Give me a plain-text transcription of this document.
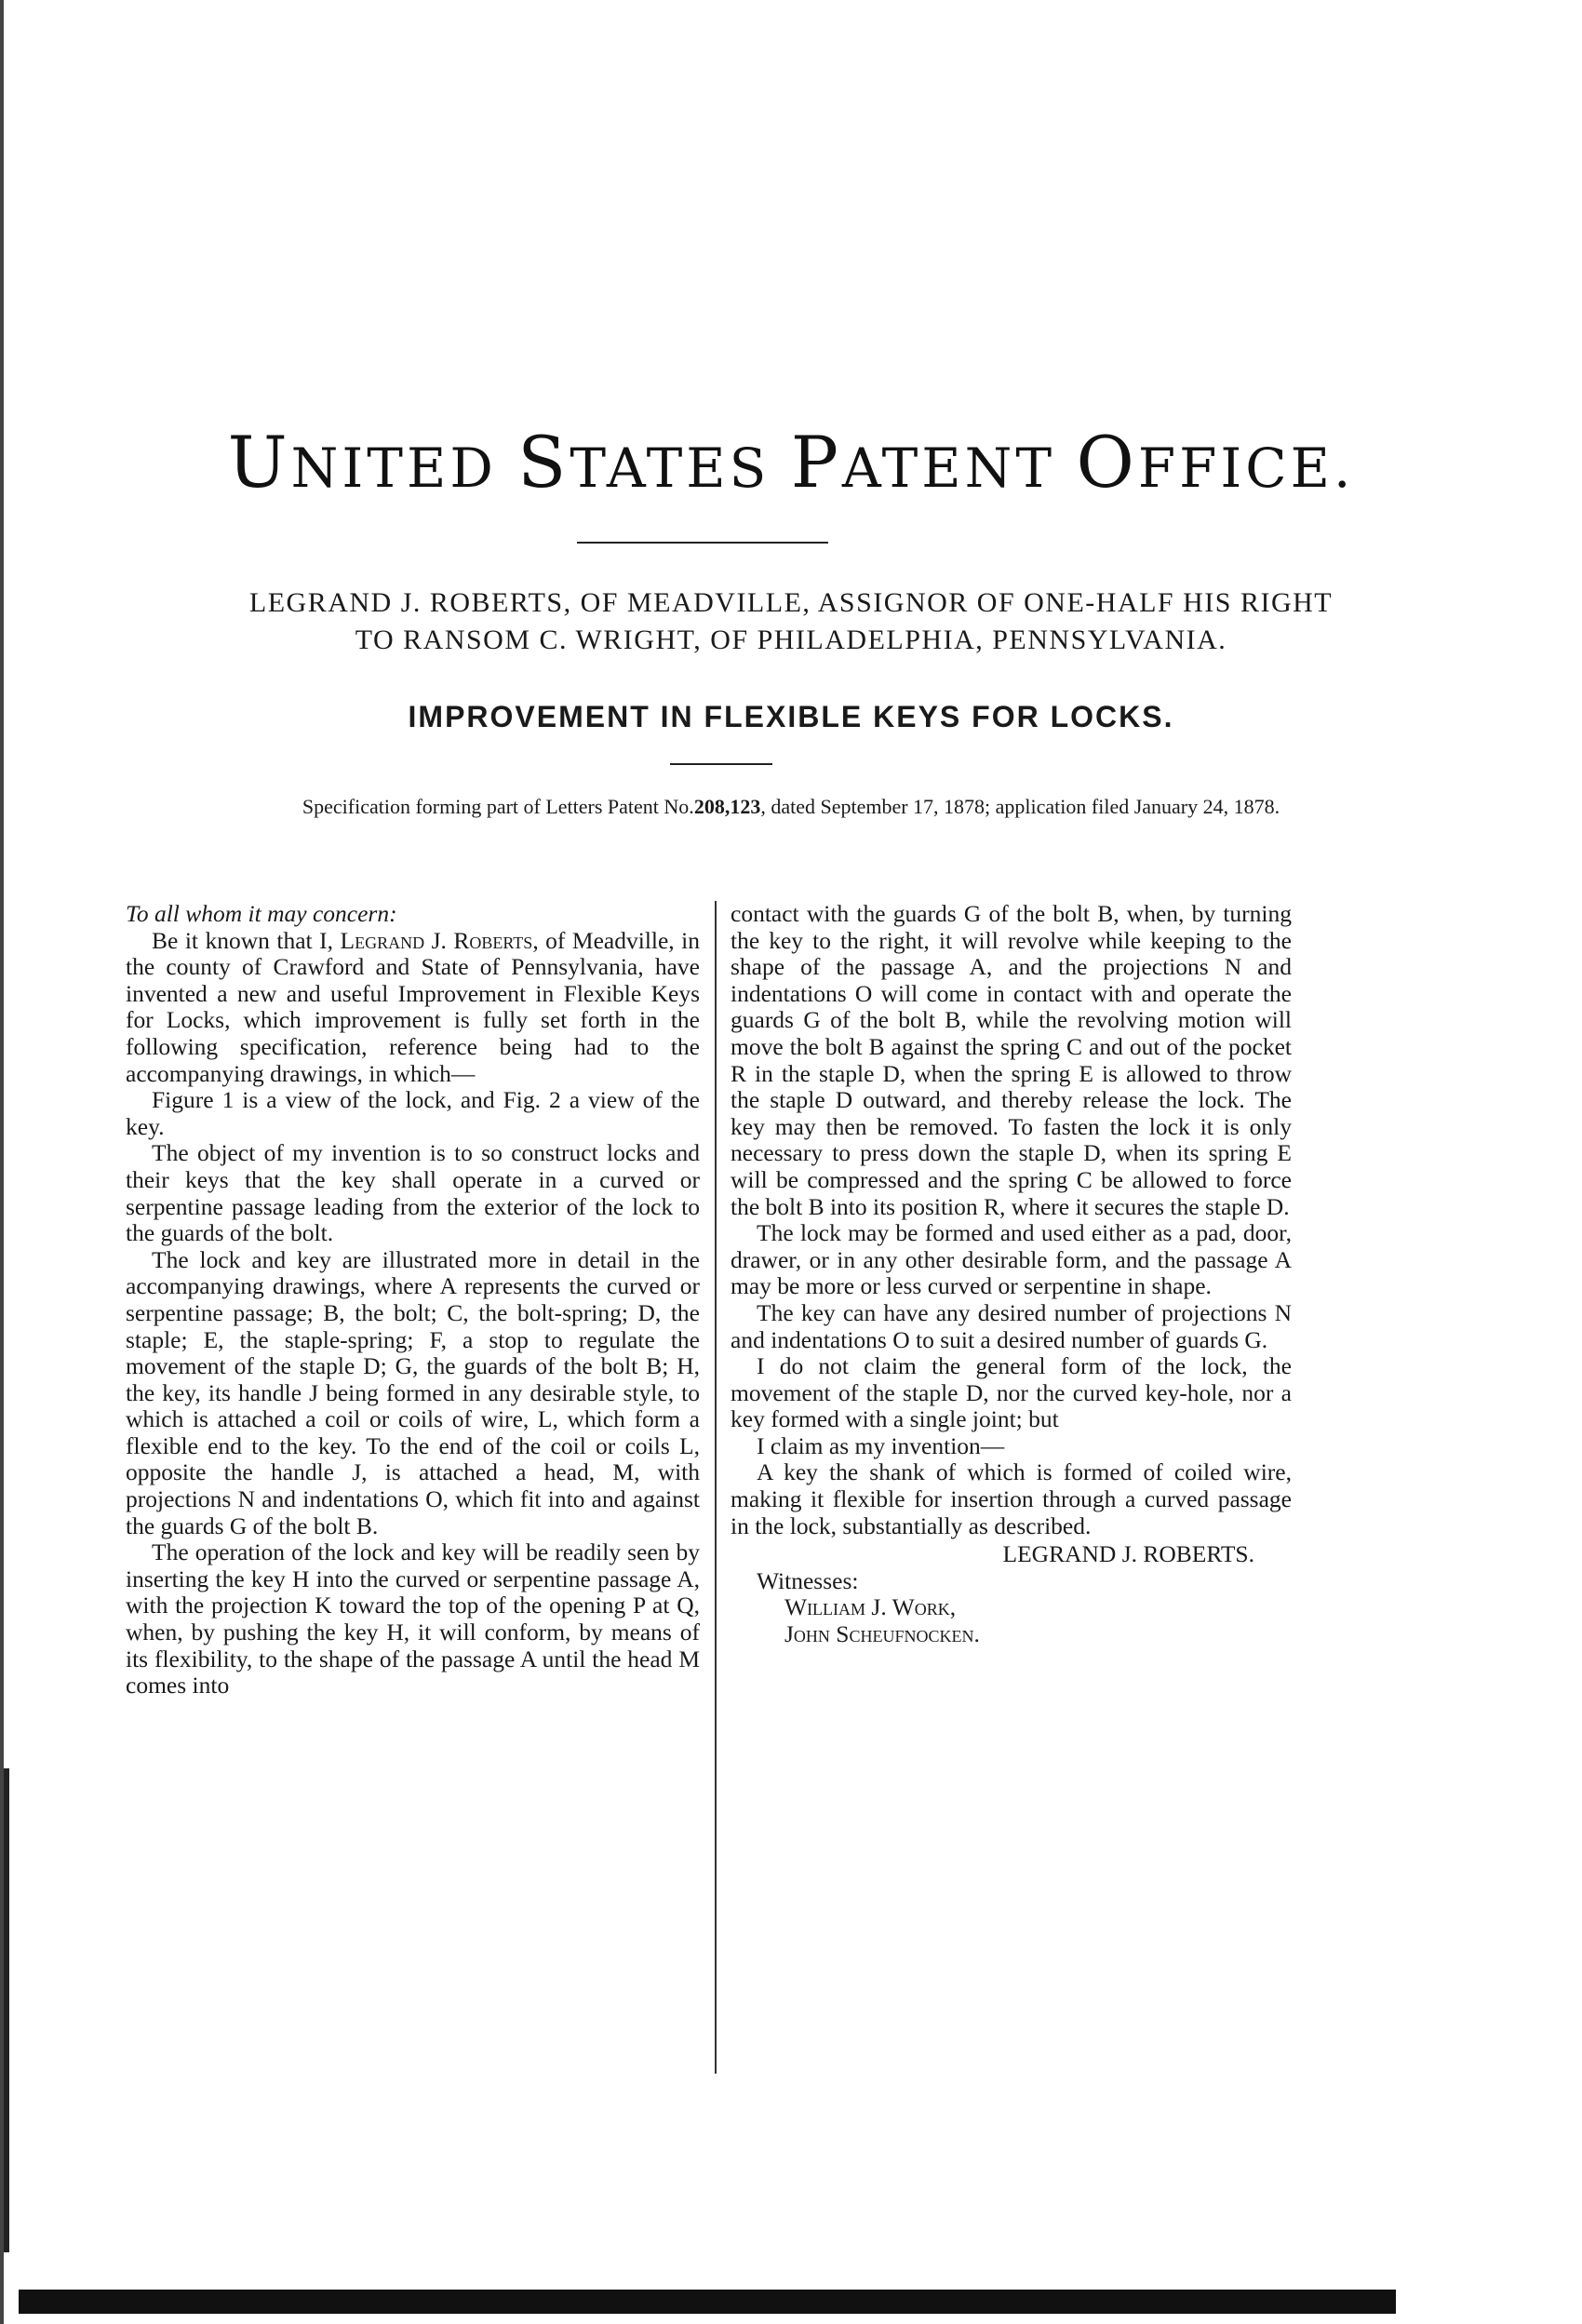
UNITED STATES PATENT OFFICE.
LEGRAND J. ROBERTS, OF MEADVILLE, ASSIGNOR OF ONE-HALF HIS RIGHT
TO RANSOM C. WRIGHT, OF PHILADELPHIA, PENNSYLVANIA.
IMPROVEMENT IN FLEXIBLE KEYS FOR LOCKS.
Specification forming part of Letters Patent No.208,123, dated September 17, 1878; application filed January 24, 1878.

To all whom it may concern:

Be it known that I, Legrand J. Roberts, of Meadville, in the county of Crawford and State of Pennsylvania, have invented a new and useful Improvement in Flexible Keys for Locks, which improvement is fully set forth in the following specification, reference being had to the accompanying drawings, in which—

Figure 1 is a view of the lock, and Fig. 2 a view of the key.

The object of my invention is to so construct locks and their keys that the key shall operate in a curved or serpentine passage leading from the exterior of the lock to the guards of the bolt.

The lock and key are illustrated more in detail in the accompanying drawings, where A represents the curved or serpentine passage; B, the bolt; C, the bolt-spring; D, the staple; E, the staple-spring; F, a stop to regulate the movement of the staple D; G, the guards of the bolt B; H, the key, its handle J being formed in any desirable style, to which is attached a coil or coils of wire, L, which form a flexible end to the key. To the end of the coil or coils L, opposite the handle J, is attached a head, M, with projections N and indentations O, which fit into and against the guards G of the bolt B.

The operation of the lock and key will be readily seen by inserting the key H into the curved or serpentine passage A, with the projection K toward the top of the opening P at Q, when, by pushing the key H, it will conform, by means of its flexibility, to the shape of the passage A until the head M comes into

contact with the guards G of the bolt B, when, by turning the key to the right, it will revolve while keeping to the shape of the passage A, and the projections N and indentations O will come in contact with and operate the guards G of the bolt B, while the revolving motion will move the bolt B against the spring C and out of the pocket R in the staple D, when the spring E is allowed to throw the staple D outward, and thereby release the lock. The key may then be removed. To fasten the lock it is only necessary to press down the staple D, when its spring E will be compressed and the spring C be allowed to force the bolt B into its position R, where it secures the staple D.

The lock may be formed and used either as a pad, door, drawer, or in any other desirable form, and the passage A may be more or less curved or serpentine in shape.

The key can have any desired number of projections N and indentations O to suit a desired number of guards G.

I do not claim the general form of the lock, the movement of the staple D, nor the curved key-hole, nor a key formed with a single joint; but

I claim as my invention—

A key the shank of which is formed of coiled wire, making it flexible for insertion through a curved passage in the lock, substantially as described.

LEGRAND J. ROBERTS.

Witnesses:

William J. Work,

John Scheufnocken.
